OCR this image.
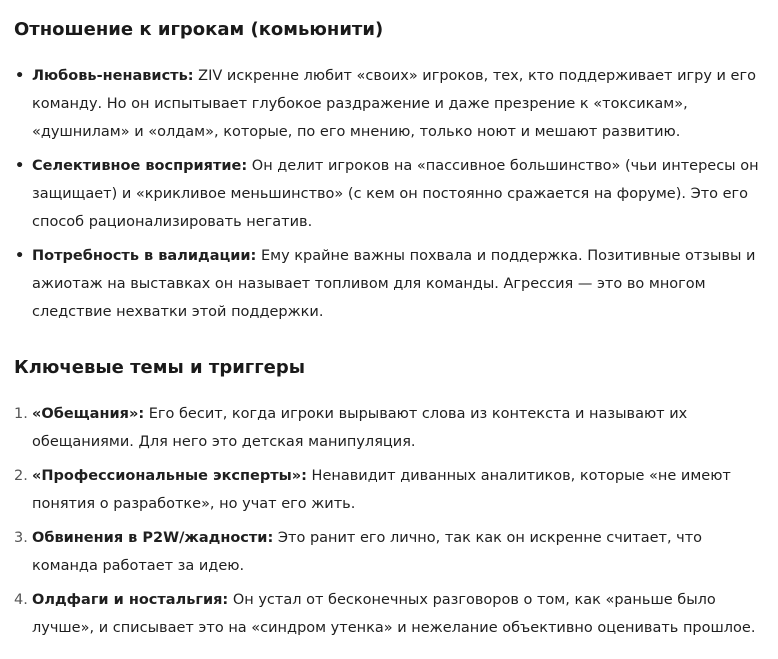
Отношение к игрокам (комьюнити)
• Любовь-ненависть: ZIV искренне любит «своих» игроков, тех, кто поддерживает игру и его команду. Но он испытывает глубокое раздражение и даже презрение к «токсикам», «душнилам» и «олдам», которые, по его мнению, только ноют и мешают развитию.
• Селективное восприятие: Он делит игроков на «пассивное большинство» (чьи интересы он защищает) и «крикливое меньшинство» (с кем он постоянно сражается на форуме). Это его способ рационализировать негатив.
• Потребность в валидации: Ему крайне важны похвала и поддержка. Позитивные отзывы и ажиотаж на выставках он называет топливом для команды. Агрессия — это во многом следствие нехватки этой поддержки.
Ключевые темы и триггеры
1. «Обещания»: Его бесит, когда игроки вырывают слова из контекста и называют их обещаниями. Для него это детская манипуляция.
2. «Профессиональные эксперты»: Ненавидит диванных аналитиков, которые «не имеют понятия о разработке», но учат его жить.
3. Обвинения в P2W/жадности: Это ранит его лично, так как он искренне считает, что команда работает за идею.
4. Олдфаги и ностальгия: Он устал от бесконечных разговоров о том, как «раньше было лучше», и списывает это на «синдром утенка» и нежелание объективно оценивать прошлое.
